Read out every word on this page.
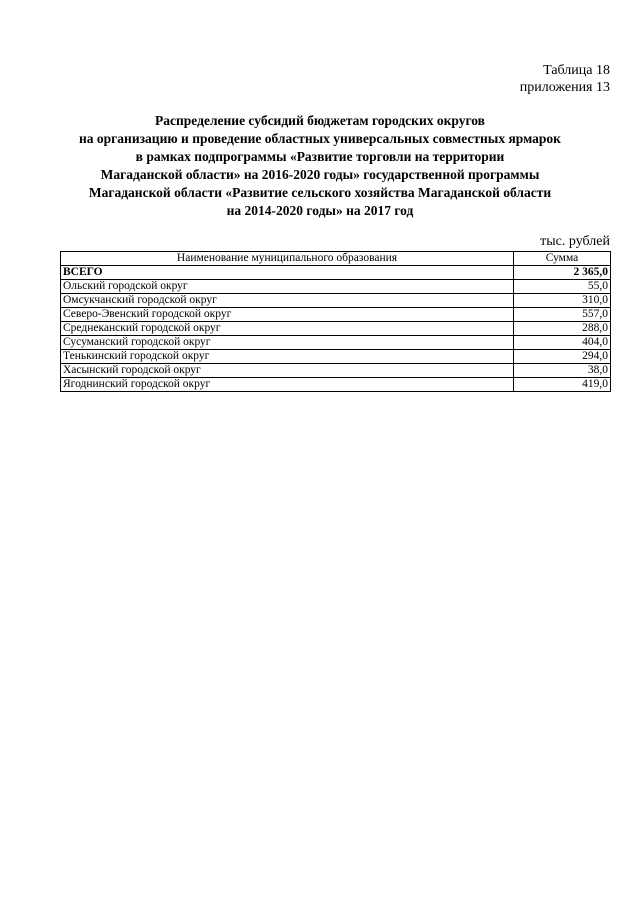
Таблица 18
приложения 13
Распределение субсидий бюджетам городских округов
на организацию и проведение областных универсальных совместных ярмарок
в рамках подпрограммы «Развитие торговли на территории
Магаданской области» на 2016-2020 годы» государственной программы
Магаданской области «Развитие сельского хозяйства Магаданской области
на 2014-2020 годы» на 2017 год
тыс. рублей
Наименование муниципального образования	Сумма
ВСЕГО	2 365,0
Ольский городской округ	55,0
Омсукчанский городской округ	310,0
Северо-Эвенский городской округ	557,0
Среднеканский городской округ	288,0
Сусуманский городской округ	404,0
Тенькинский городской округ	294,0
Хасынский городской округ	38,0
Ягоднинский городской округ	419,0
